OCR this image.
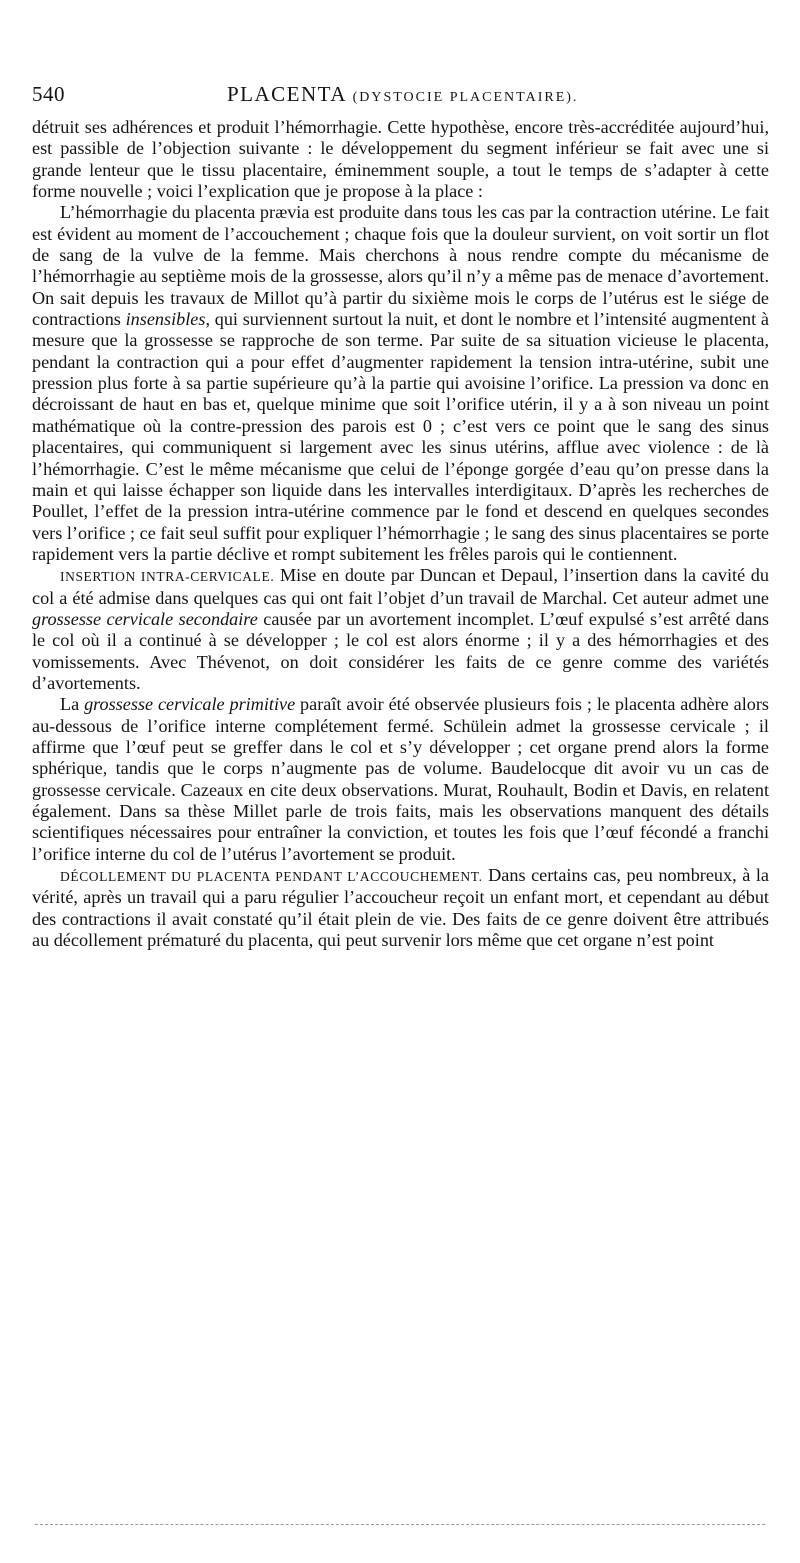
540	PLACENTA (DYSTOCIE PLACENTAIRE).

détruit ses adhérences et produit l’hémorrhagie. Cette hypothèse, encore très-accréditée aujourd’hui, est passible de l’objection suivante : le développement du segment inférieur se fait avec une si grande lenteur que le tissu placentaire, éminemment souple, a tout le temps de s’adapter à cette forme nouvelle ; voici l’explication que je propose à la place :

L’hémorrhagie du placenta prævia est produite dans tous les cas par la contraction utérine. Le fait est évident au moment de l’accouchement ; chaque fois que la douleur survient, on voit sortir un flot de sang de la vulve de la femme. Mais cherchons à nous rendre compte du mécanisme de l’hémorrhagie au septième mois de la grossesse, alors qu’il n’y a même pas de menace d’avortement. On sait depuis les travaux de Millot qu’à partir du sixième mois le corps de l’utérus est le siége de contractions insensibles, qui surviennent surtout la nuit, et dont le nombre et l’intensité augmentent à mesure que la grossesse se rapproche de son terme. Par suite de sa situation vicieuse le placenta, pendant la contraction qui a pour effet d’augmenter rapidement la tension intra-utérine, subit une pression plus forte à sa partie supérieure qu’à la partie qui avoisine l’orifice. La pression va donc en décroissant de haut en bas et, quelque minime que soit l’orifice utérin, il y a à son niveau un point mathématique où la contre-pression des parois est 0 ; c’est vers ce point que le sang des sinus placentaires, qui communiquent si largement avec les sinus utérins, afflue avec violence : de là l’hémorrhagie. C’est le même mécanisme que celui de l’éponge gorgée d’eau qu’on presse dans la main et qui laisse échapper son liquide dans les intervalles interdigitaux. D’après les recherches de Poullet, l’effet de la pression intra-utérine commence par le fond et descend en quelques secondes vers l’orifice ; ce fait seul suffit pour expliquer l’hémorrhagie ; le sang des sinus placentaires se porte rapidement vers la partie déclive et rompt subitement les frêles parois qui le contiennent.

INSERTION INTRA-CERVICALE. Mise en doute par Duncan et Depaul, l’insertion dans la cavité du col a été admise dans quelques cas qui ont fait l’objet d’un travail de Marchal. Cet auteur admet une grossesse cervicale secondaire causée par un avortement incomplet. L’œuf expulsé s’est arrêté dans le col où il a continué à se développer ; le col est alors énorme ; il y a des hémorrhagies et des vomissements. Avec Thévenot, on doit considérer les faits de ce genre comme des variétés d’avortements.

La grossesse cervicale primitive paraît avoir été observée plusieurs fois ; le placenta adhère alors au-dessous de l’orifice interne complétement fermé. Schülein admet la grossesse cervicale ; il affirme que l’œuf peut se greffer dans le col et s’y développer ; cet organe prend alors la forme sphérique, tandis que le corps n’augmente pas de volume. Baudelocque dit avoir vu un cas de grossesse cervicale. Cazeaux en cite deux observations. Murat, Rouhault, Bodin et Davis, en relatent également. Dans sa thèse Millet parle de trois faits, mais les observations manquent des détails scientifiques nécessaires pour entraîner la conviction, et toutes les fois que l’œuf fécondé a franchi l’orifice interne du col de l’utérus l’avortement se produit.

DÉCOLLEMENT DU PLACENTA PENDANT L’ACCOUCHEMENT. Dans certains cas, peu nombreux, à la vérité, après un travail qui a paru régulier l’accoucheur reçoit un enfant mort, et cependant au début des contractions il avait constaté qu’il était plein de vie. Des faits de ce genre doivent être attribués au décollement prématuré du placenta, qui peut survenir lors même que cet organe n’est point
